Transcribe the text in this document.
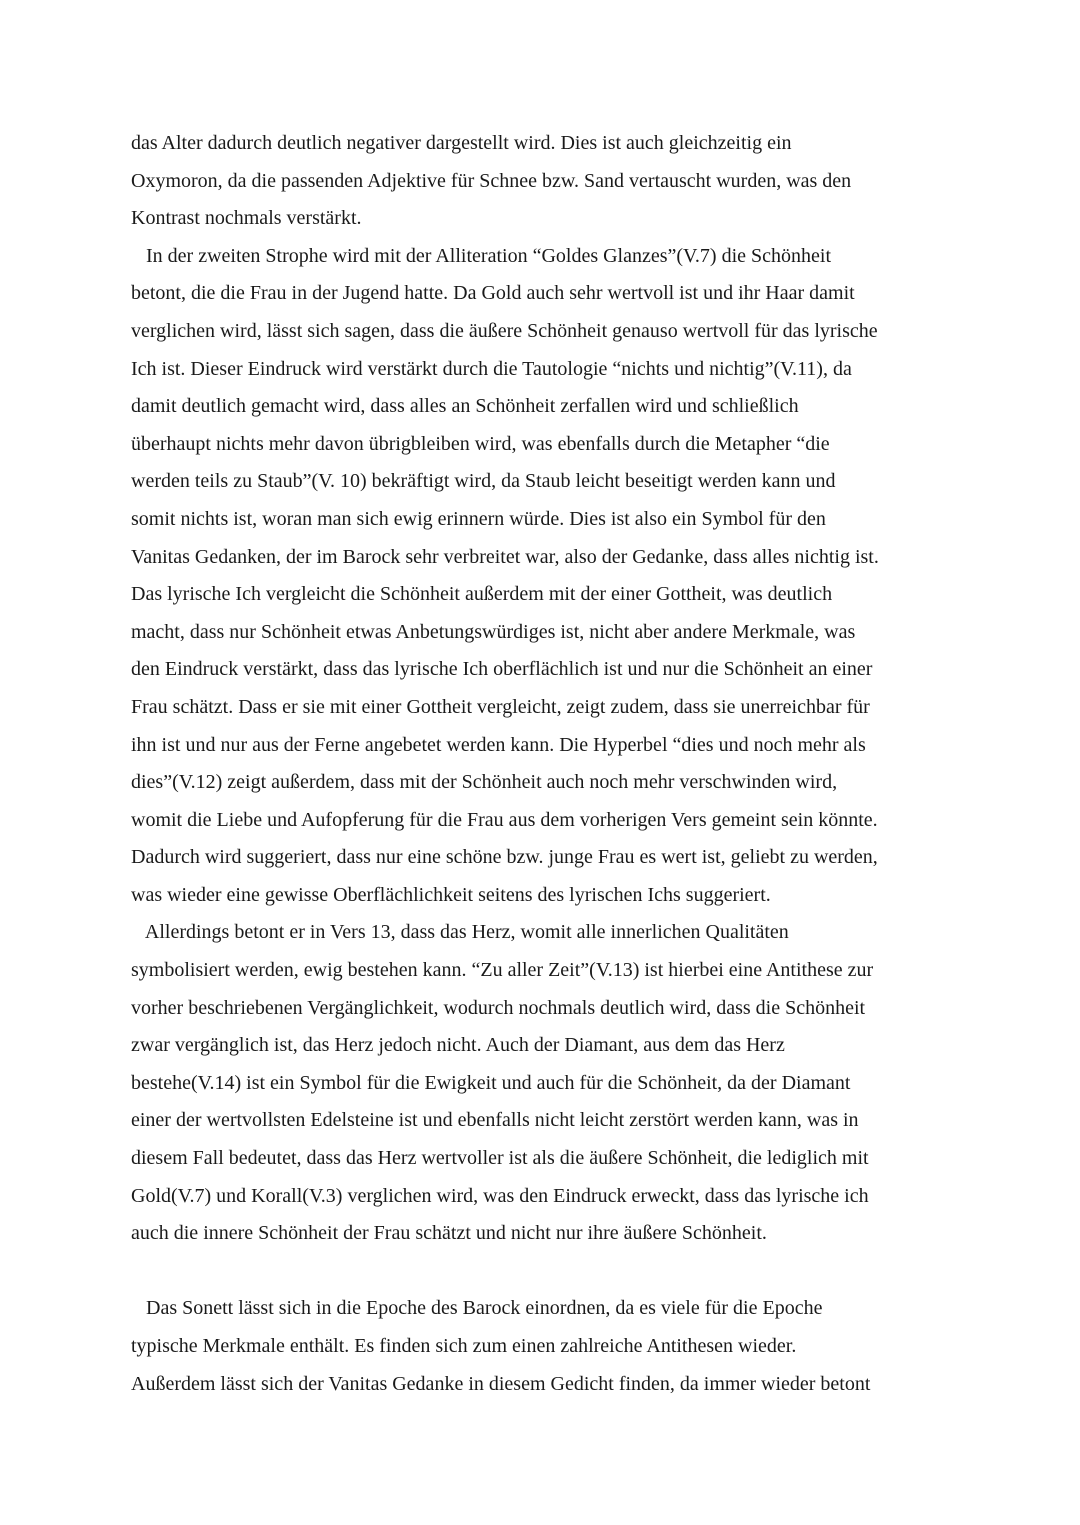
das Alter dadurch deutlich negativer dargestellt wird. Dies ist auch gleichzeitig ein
Oxymoron, da die passenden Adjektive für Schnee bzw. Sand vertauscht wurden, was den
Kontrast nochmals verstärkt.
  In der zweiten Strophe wird mit der Alliteration “Goldes Glanzes”(V.7) die Schönheit
betont, die die Frau in der Jugend hatte. Da Gold auch sehr wertvoll ist und ihr Haar damit
verglichen wird, lässt sich sagen, dass die äußere Schönheit genauso wertvoll für das lyrische
Ich ist. Dieser Eindruck wird verstärkt durch die Tautologie “nichts und nichtig”(V.11), da
damit deutlich gemacht wird, dass alles an Schönheit zerfallen wird und schließlich
überhaupt nichts mehr davon übrigbleiben wird, was ebenfalls durch die Metapher “die
werden teils zu Staub”(V. 10) bekräftigt wird, da Staub leicht beseitigt werden kann und
somit nichts ist, woran man sich ewig erinnern würde. Dies ist also ein Symbol für den
Vanitas Gedanken, der im Barock sehr verbreitet war, also der Gedanke, dass alles nichtig ist.
Das lyrische Ich vergleicht die Schönheit außerdem mit der einer Gottheit, was deutlich
macht, dass nur Schönheit etwas Anbetungswürdiges ist, nicht aber andere Merkmale, was
den Eindruck verstärkt, dass das lyrische Ich oberflächlich ist und nur die Schönheit an einer
Frau schätzt. Dass er sie mit einer Gottheit vergleicht, zeigt zudem, dass sie unerreichbar für
ihn ist und nur aus der Ferne angebetet werden kann. Die Hyperbel “dies und noch mehr als
dies”(V.12) zeigt außerdem, dass mit der Schönheit auch noch mehr verschwinden wird,
womit die Liebe und Aufopferung für die Frau aus dem vorherigen Vers gemeint sein könnte.
Dadurch wird suggeriert, dass nur eine schöne bzw. junge Frau es wert ist, geliebt zu werden,
was wieder eine gewisse Oberflächlichkeit seitens des lyrischen Ichs suggeriert.
  Allerdings betont er in Vers 13, dass das Herz, womit alle innerlichen Qualitäten
symbolisiert werden, ewig bestehen kann. “Zu aller Zeit”(V.13) ist hierbei eine Antithese zur
vorher beschriebenen Vergänglichkeit, wodurch nochmals deutlich wird, dass die Schönheit
zwar vergänglich ist, das Herz jedoch nicht. Auch der Diamant, aus dem das Herz
bestehe(V.14) ist ein Symbol für die Ewigkeit und auch für die Schönheit, da der Diamant
einer der wertvollsten Edelsteine ist und ebenfalls nicht leicht zerstört werden kann, was in
diesem Fall bedeutet, dass das Herz wertvoller ist als die äußere Schönheit, die lediglich mit
Gold(V.7) und Korall(V.3) verglichen wird, was den Eindruck erweckt, dass das lyrische ich
auch die innere Schönheit der Frau schätzt und nicht nur ihre äußere Schönheit.
  Das Sonett lässt sich in die Epoche des Barock einordnen, da es viele für die Epoche
typische Merkmale enthält. Es finden sich zum einen zahlreiche Antithesen wieder.
Außerdem lässt sich der Vanitas Gedanke in diesem Gedicht finden, da immer wieder betont
